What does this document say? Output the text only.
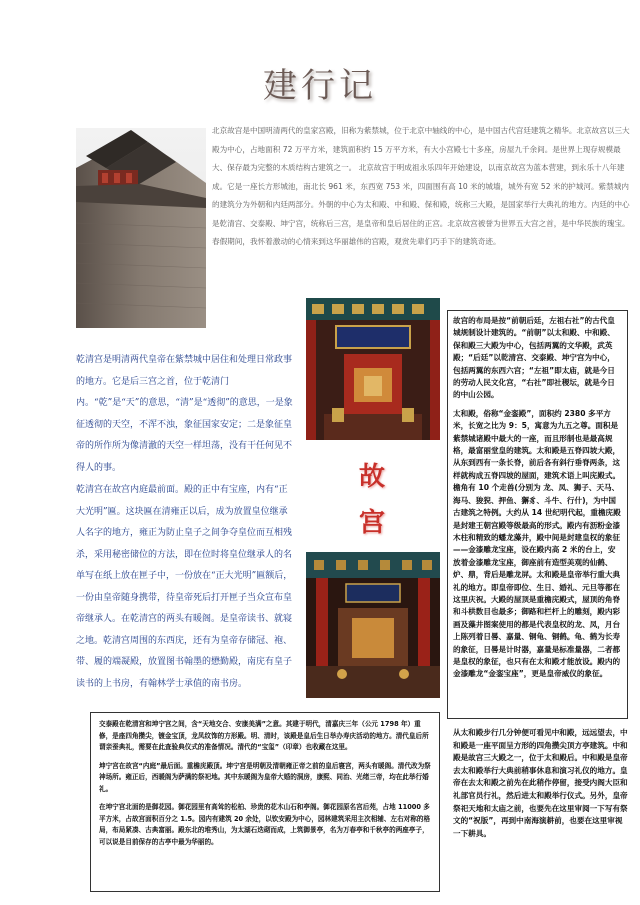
建行记
北京故宫是中国明清两代的皇家宫殿，旧称为紫禁城，位于北京中轴线的中心，是中国古代宫廷建筑之精华。北京故宫以三大殿为中心，占地面积 72 万平方米，建筑面积约 15 万平方米，有大小宫殿七十多座，房屋九千余间。是世界上现存规模最大、保存最为完整的木质结构古建筑之一。 北京故宫于明成祖永乐四年开始建设，以南京故宫为蓝本营建，到永乐十八年建成。它是一座长方形城池，南北长 961 米，东西宽 753 米，四面围有高 10 米的城墙，城外有宽 52 米的护城河。紫禁城内的建筑分为外朝和内廷两部分。外朝的中心为太和殿、中和殿、保和殿，统称三大殿，是国家举行大典礼的地方。内廷的中心是乾清宫、交泰殿、坤宁宫，统称后三宫，是皇帝和皇后居住的正宫。北京故宫被誉为世界五大宫之首，是中华民族的瑰宝。春假期间，我怀着激动的心情来到这华丽雄伟的宫殿，观赏先辈们巧手下的建筑奇迹。
乾清宫是明清两代皇帝在紫禁城中居住和处理日常政事的地方。它是后三宫之首，位于乾清门内。“乾”是“天”的意思，“清”是“透彻”的意思，一是象征透彻的天空，不浑不浊，象征国家安定；二是象征皇帝的所作所为像清澈的天空一样坦荡，没有干任何见不得人的事。
乾清宫在故宫内庭最前面。殿的正中有宝座，内有“正大光明”匾。这块匾在清雍正以后，成为放置皇位继承人名字的地方，雍正为防止皇子之间争夺皇位而互相残杀，采用秘密储位的方法，即在位时将皇位继承人的名单写在纸上放在匣子中，一份放在“正大光明”匾额后，一份由皇帝随身携带，待皇帝死后打开匣子当众宣布皇帝继承人。在乾清宫的两头有暖阁。是皇帝读书、就寝之地。乾清宫周围的东西庑，还有为皇帝存储冠、袍、带、履的端凝殿，放置图书翰墨的懋勤殿，南庑有皇子读书的上书房，有翰林学士承值的南书房。
故宫

故宫的布局是按“前朝后廷，左祖右社”的古代皇城规制设计建筑的。“前朝”以太和殿、中和殿、保和殿三大殿为中心，包括两翼的文华殿，武英殿；“后廷”以乾清宫、交泰殿、坤宁宫为中心，包括两翼的东西六宫；“左祖”即太庙，就是今日的劳动人民文化宫，“右社”即社稷坛，就是今日的中山公园。

太和殿，俗称“金銮殿”，面积约 2380 多平方米，长宽之比为 9：5，寓意为九五之尊。面积是紫禁城诸殿中最大的一座，而且形制也是最高规格，最富丽堂皇的建筑。太和殿是五脊四坡大殿，从东到西有一条长脊，前后各有斜行垂脊两条，这样就构成五脊四坡的屋面，建筑术语上叫庑殿式。檐角有 10 个走兽(分别为 龙、凤、狮子、天马、海马、狻猊、押鱼、獬豸、斗牛、行什)，为中国古建筑之特例。大约从 14 世纪明代起，重檐庑殿是封建王朝宫殿等级最高的形式。殿内有沥粉金漆木柱和精致的蟠龙藻井，殿中间是封建皇权的象征——金漆雕龙宝座，设在殿内高 2 米的台上，安放着金漆雕龙宝座，御座前有造型美观的仙鹤、炉、鼎，背后是雕龙屏。太和殿是皇帝举行重大典礼的地方。即皇帝即位、生日、婚礼、元旦等都在这里庆祝。大殿的屋顶是重檐庑殿式，屋顶的角脊和斗栱数目也最多；御路和栏杆上的雕刻，殿内彩画及藻井图案使用的都是代表皇权的龙、凤，月台上陈列着日晷、嘉量、铜龟、铜鹤。龟、鹤为长寿的象征，日晷是计时器，嘉量是标准量器，二者都是皇权的象征，也只有在太和殿才能放设。殿内的金漆雕龙“金銮宝座”，更是皇帝威仪的象征。

从太和殿步行几分钟便可看见中和殿，远远望去，中和殿是一座平面呈方形的四角攒尖顶方亭建筑。中和殿是故宫三大殿之一，位于太和殿后。中和殿是皇帝去太和殿举行大典前稍事休息和演习礼仪的地方。皇帝在去太和殿之前先在此稍作停留，接受内阁大臣和礼部官员行礼，然后进太和殿举行仪式。另外，皇帝祭祀天地和太庙之前，也要先在这里审阅一下写有祭文的“祝版”，再到中南海演耕前，也要在这里审视一下耕具。

交泰殿在乾清宫和坤宁宫之间，含“天地交合、安康美满”之意。其建于明代，清嘉庆三年（公元 1798 年）重修，是座四角攒尖，镀金宝顶，龙凤纹饰的方形殿。明、清时，该殿是皇后生日举办寿庆活动的地方。清代皇后所谓亲蚕典礼，需要在此查验典仪式的准备情况。清代的“宝玺”（印章）也收藏在这里。

坤宁宫在故宫“内庭”最后面。重檐庑殿顶。坤宁宫是明朝及清朝雍正帝之前的皇后寝宫，两头有暖阁。清代改为祭神场所。雍正后，西暖阁为萨满的祭祀地。其中东暖阁为皇帝大婚的洞房，康熙、同治、光绪三帝，均在此举行婚礼。

在坤宁宫北面的是御花园。御花园里有高耸的松柏、珍贵的花木山石和亭阁。御花园原名宫后苑，占地 11000 多平方米，占故宫面积百分之 1.5。园内有建筑 20 余处，以钦安殿为中心，园林建筑采用主次相辅、左右对称的格局，布局紧凑、古典富丽。殿东北的堆秀山，为太湖石迭砌而成，上筑御景亭，名为万春亭和千秋亭的两座亭子，可以说是目前保存的古亭中最为华丽的。
